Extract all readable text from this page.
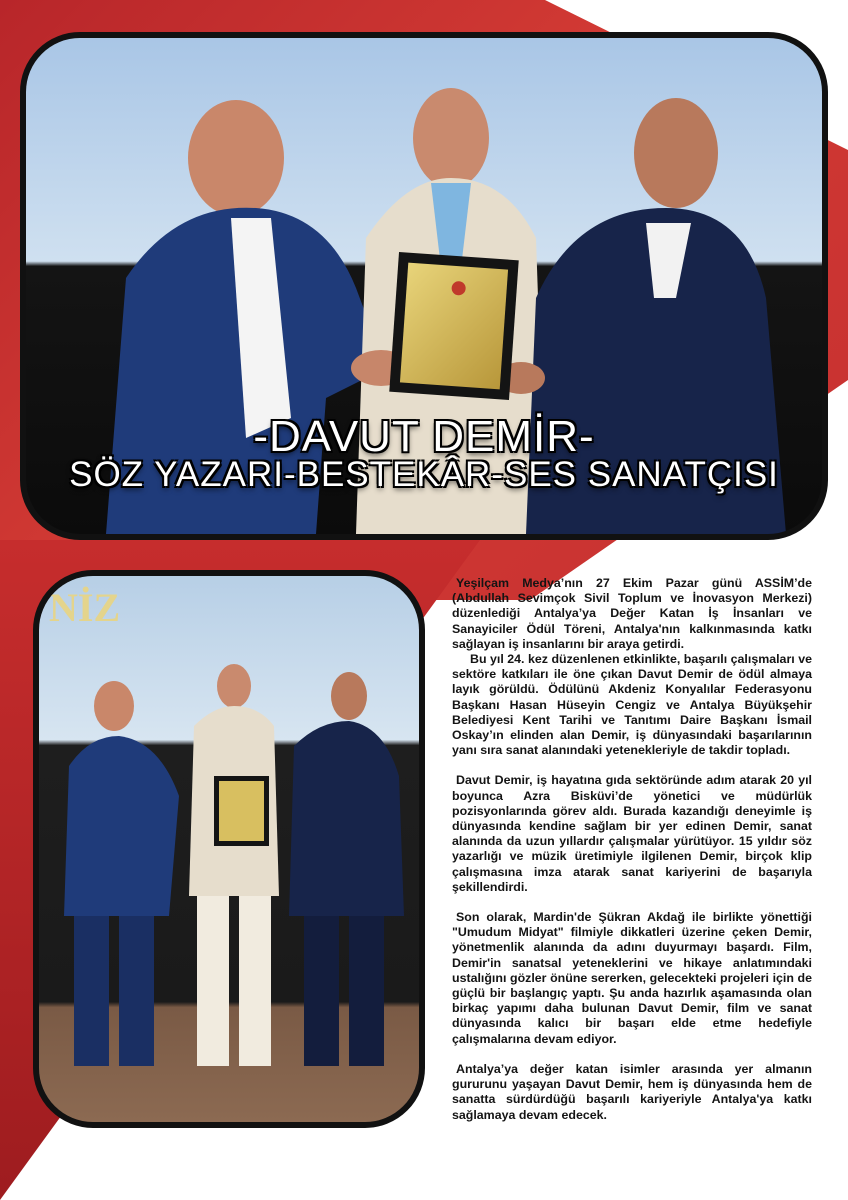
-DAVUT DEMİR-
SÖZ YAZARI-BESTEKÂR-SES SANATÇISI
NİZ

Yeşilçam Medya’nın 27 Ekim Pazar günü ASSİM’de (Abdullah Sevimçok Sivil Toplum ve İnovasyon Merkezi) düzenlediği Antalya’ya Değer Katan İş İnsanları ve Sanayiciler Ödül Töreni, Antalya'nın kalkınmasında katkı sağlayan iş insanlarını bir araya getirdi.

Bu yıl 24. kez düzenlenen etkinlikte, başarılı çalışmaları ve sektöre katkıları ile öne çıkan Davut Demir de ödül almaya layık görüldü. Ödülünü Akdeniz Konyalılar Federasyonu Başkanı Hasan Hüseyin Cengiz ve Antalya Büyükşehir Belediyesi Kent Tarihi ve Tanıtımı Daire Başkanı İsmail Oskay’ın elinden alan Demir, iş dünyasındaki başarılarının yanı sıra sanat alanındaki yetenekleriyle de takdir topladı.

Davut Demir, iş hayatına gıda sektöründe adım atarak 20 yıl boyunca Azra Bisküvi’de yönetici ve müdürlük pozisyonlarında görev aldı. Burada kazandığı deneyimle iş dünyasında kendine sağlam bir yer edinen Demir, sanat alanında da uzun yıllardır çalışmalar yürütüyor. 15 yıldır söz yazarlığı ve müzik üretimiyle ilgilenen Demir, birçok klip çalışmasına imza atarak sanat kariyerini de başarıyla şekillendirdi.

Son olarak, Mardin'de Şükran Akdağ ile birlikte yönettiği "Umudum Midyat" filmiyle dikkatleri üzerine çeken Demir, yönetmenlik alanında da adını duyurmayı başardı. Film, Demir'in sanatsal yeteneklerini ve hikaye anlatımındaki ustalığını gözler önüne sererken, gelecekteki projeleri için de güçlü bir başlangıç yaptı. Şu anda hazırlık aşamasında olan birkaç yapımı daha bulunan Davut Demir, film ve sanat dünyasında kalıcı bir başarı elde etme hedefiyle çalışmalarına devam ediyor.

Antalya’ya değer katan isimler arasında yer almanın gururunu yaşayan Davut Demir, hem iş dünyasında hem de sanatta sürdürdüğü başarılı kariyeriyle Antalya'ya katkı sağlamaya devam edecek.
